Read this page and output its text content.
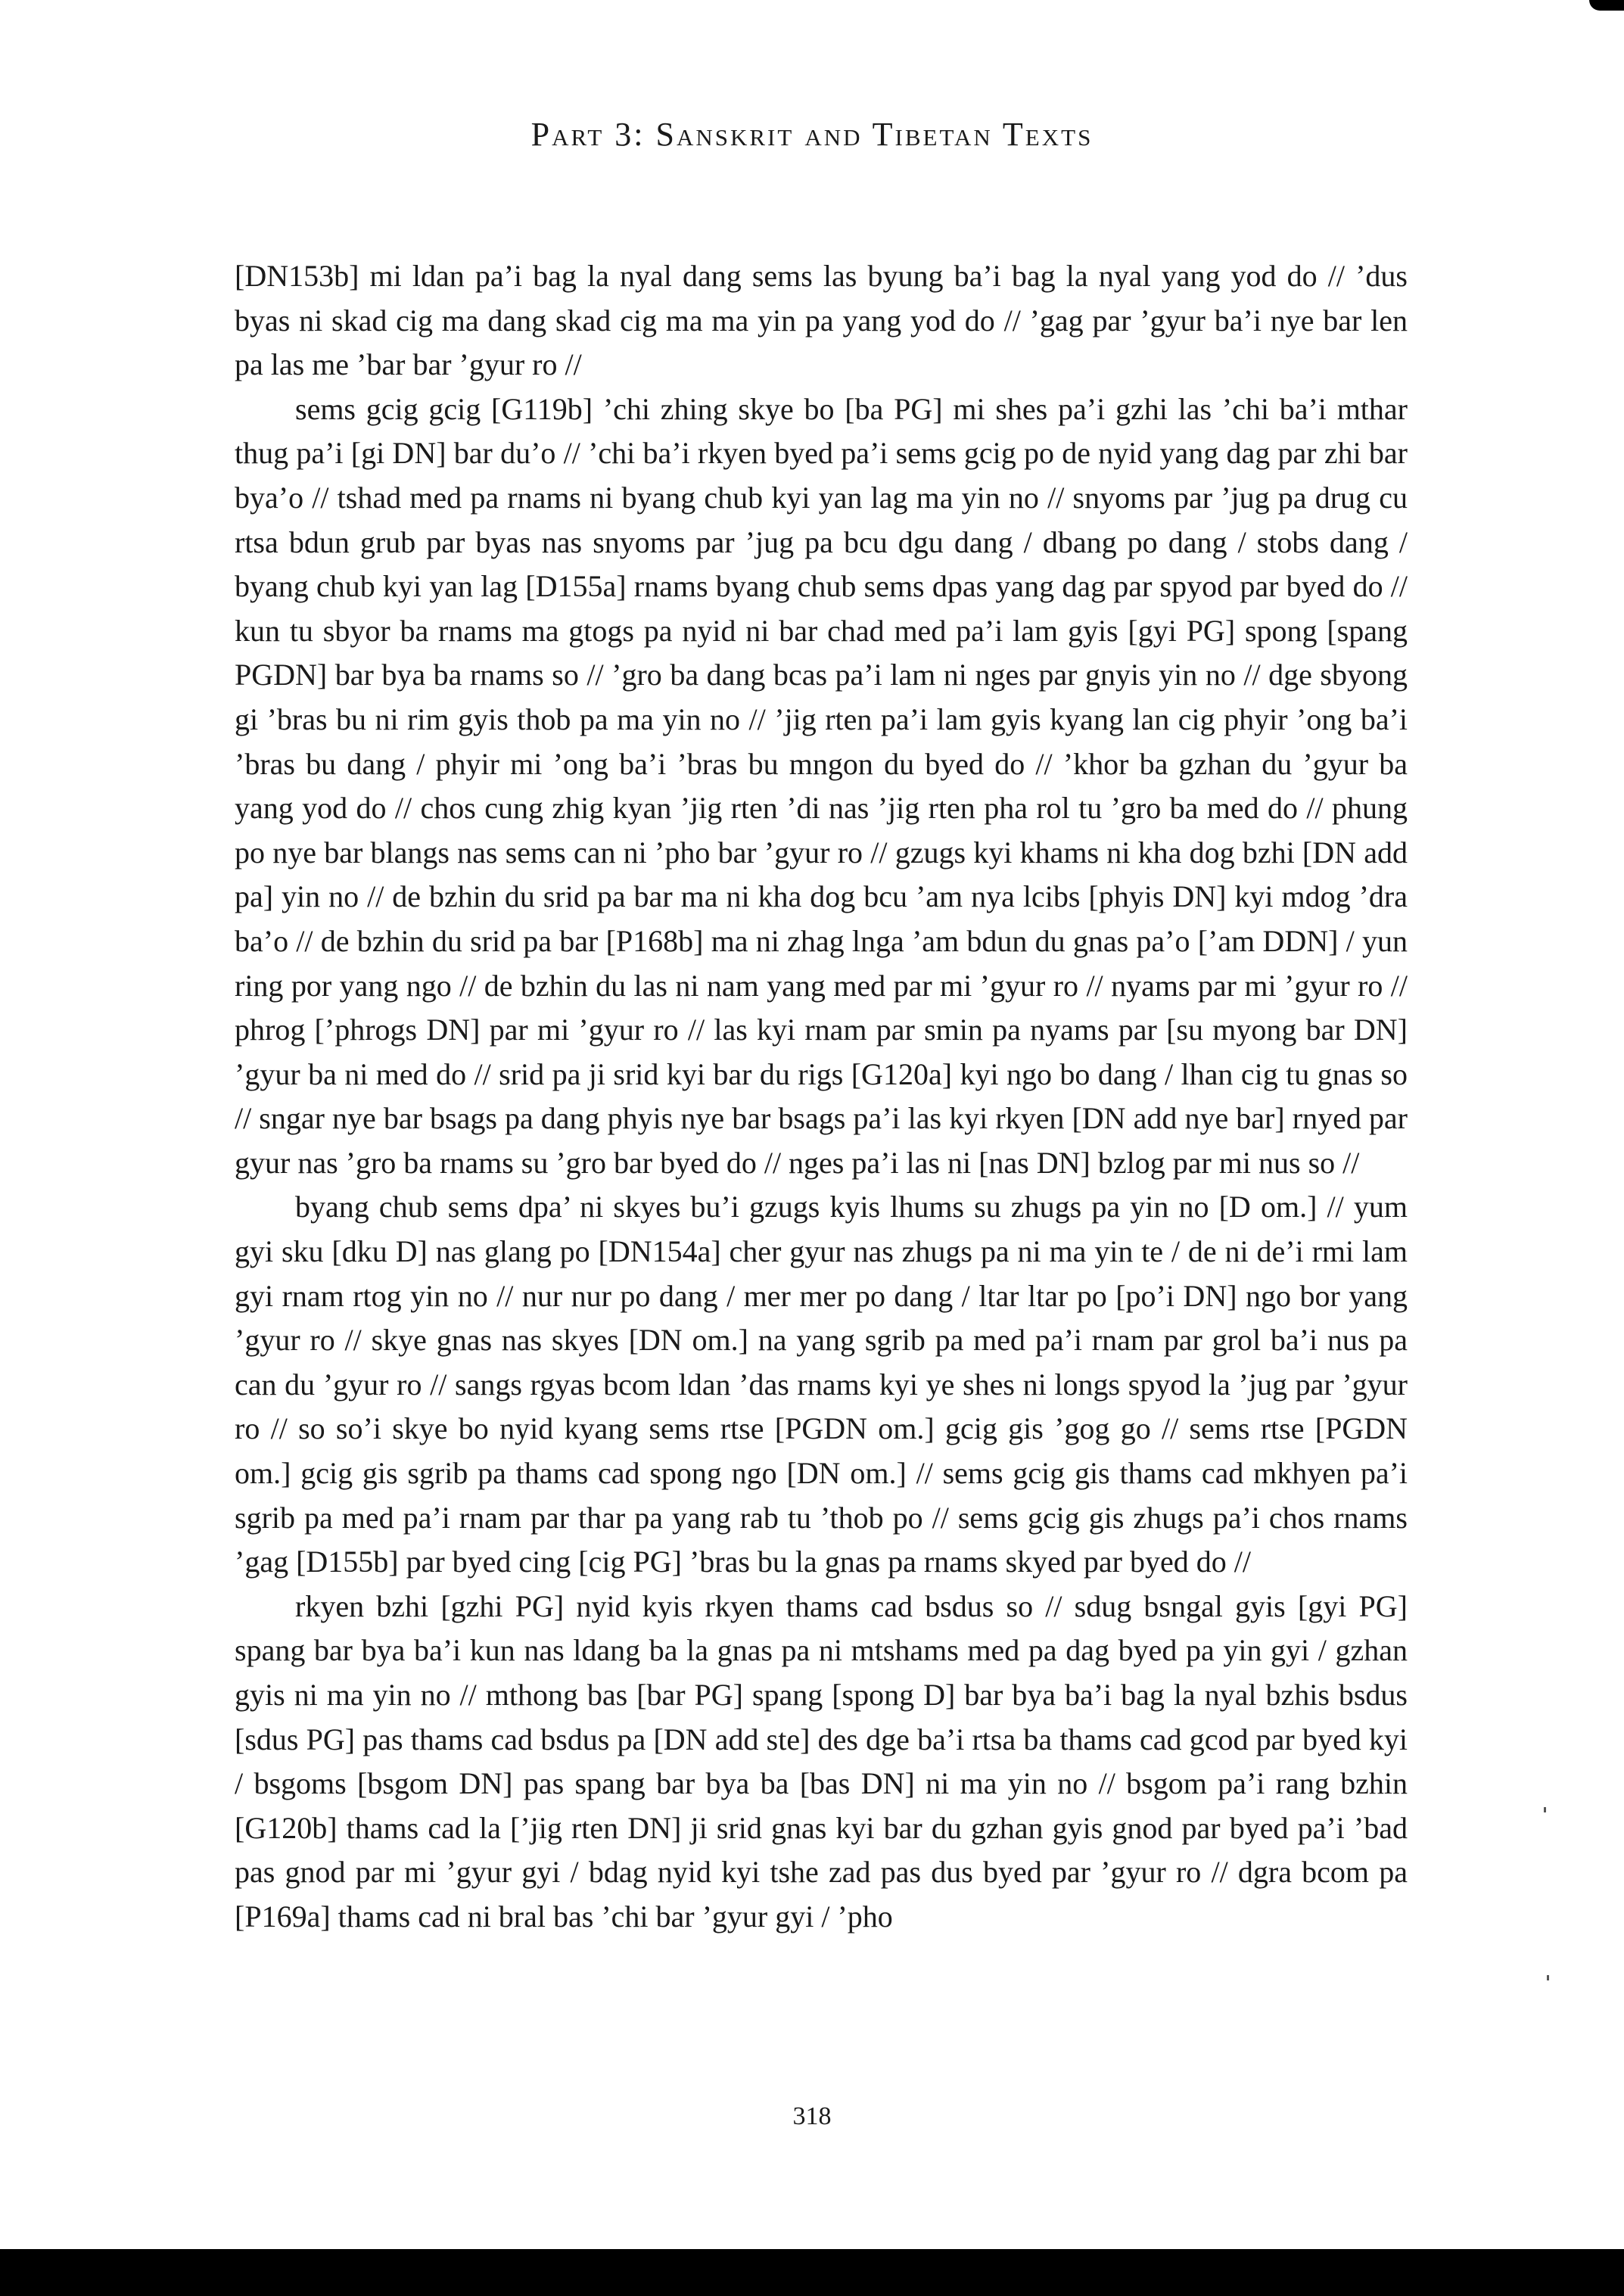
Part 3: Sanskrit and Tibetan Texts

[DN153b] mi ldan pa’i bag la nyal dang sems las byung ba’i bag la nyal yang yod do // ’dus byas ni skad cig ma dang skad cig ma ma yin pa yang yod do // ’gag par ’gyur ba’i nye bar len pa las me ’bar bar ’gyur ro //

sems gcig gcig [G119b] ’chi zhing skye bo [ba PG] mi shes pa’i gzhi las ’chi ba’i mthar thug pa’i [gi DN] bar du’o // ’chi ba’i rkyen byed pa’i sems gcig po de nyid yang dag par zhi bar bya’o // tshad med pa rnams ni byang chub kyi yan lag ma yin no // snyoms par ’jug pa drug cu rtsa bdun grub par byas nas snyoms par ’jug pa bcu dgu dang / dbang po dang / stobs dang / byang chub kyi yan lag [D155a] rnams byang chub sems dpas yang dag par spyod par byed do // kun tu sbyor ba rnams ma gtogs pa nyid ni bar chad med pa’i lam gyis [gyi PG] spong [spang PGDN] bar bya ba rnams so // ’gro ba dang bcas pa’i lam ni nges par gnyis yin no // dge sbyong gi ’bras bu ni rim gyis thob pa ma yin no // ’jig rten pa’i lam gyis kyang lan cig phyir ’ong ba’i ’bras bu dang / phyir mi ’ong ba’i ’bras bu mngon du byed do // ’khor ba gzhan du ’gyur ba yang yod do // chos cung zhig kyan ’jig rten ’di nas ’jig rten pha rol tu ’gro ba med do // phung po nye bar blangs nas sems can ni ’pho bar ’gyur ro // gzugs kyi khams ni kha dog bzhi [DN add pa] yin no // de bzhin du srid pa bar ma ni kha dog bcu ’am nya lcibs [phyis DN] kyi mdog ’dra ba’o // de bzhin du srid pa bar [P168b] ma ni zhag lnga ’am bdun du gnas pa’o [’am DDN] / yun ring por yang ngo // de bzhin du las ni nam yang med par mi ’gyur ro // nyams par mi ’gyur ro // phrog [’phrogs DN] par mi ’gyur ro // las kyi rnam par smin pa nyams par [su myong bar DN] ’gyur ba ni med do // srid pa ji srid kyi bar du rigs [G120a] kyi ngo bo dang / lhan cig tu gnas so // sngar nye bar bsags pa dang phyis nye bar bsags pa’i las kyi rkyen [DN add nye bar] rnyed par gyur nas ’gro ba rnams su ’gro bar byed do // nges pa’i las ni [nas DN] bzlog par mi nus so //

byang chub sems dpa’ ni skyes bu’i gzugs kyis lhums su zhugs pa yin no [D om.] // yum gyi sku [dku D] nas glang po [DN154a] cher gyur nas zhugs pa ni ma yin te / de ni de’i rmi lam gyi rnam rtog yin no // nur nur po dang / mer mer po dang / ltar ltar po [po’i DN] ngo bor yang ’gyur ro // skye gnas nas skyes [DN om.] na yang sgrib pa med pa’i rnam par grol ba’i nus pa can du ’gyur ro // sangs rgyas bcom ldan ’das rnams kyi ye shes ni longs spyod la ’jug par ’gyur ro // so so’i skye bo nyid kyang sems rtse [PGDN om.] gcig gis ’gog go // sems rtse [PGDN om.] gcig gis sgrib pa thams cad spong ngo [DN om.] // sems gcig gis thams cad mkhyen pa’i sgrib pa med pa’i rnam par thar pa yang rab tu ’thob po // sems gcig gis zhugs pa’i chos rnams ’gag [D155b] par byed cing [cig PG] ’bras bu la gnas pa rnams skyed par byed do //

rkyen bzhi [gzhi PG] nyid kyis rkyen thams cad bsdus so // sdug bsngal gyis [gyi PG] spang bar bya ba’i kun nas ldang ba la gnas pa ni mtshams med pa dag byed pa yin gyi / gzhan gyis ni ma yin no // mthong bas [bar PG] spang [spong D] bar bya ba’i bag la nyal bzhis bsdus [sdus PG] pas thams cad bsdus pa [DN add ste] des dge ba’i rtsa ba thams cad gcod par byed kyi / bsgoms [bsgom DN] pas spang bar bya ba [bas DN] ni ma yin no // bsgom pa’i rang bzhin [G120b] thams cad la [’jig rten DN] ji srid gnas kyi bar du gzhan gyis gnod par byed pa’i ’bad pas gnod par mi ’gyur gyi / bdag nyid kyi tshe zad pas dus byed par ’gyur ro // dgra bcom pa [P169a] thams cad ni bral bas ’chi bar ’gyur gyi / ’pho

318
